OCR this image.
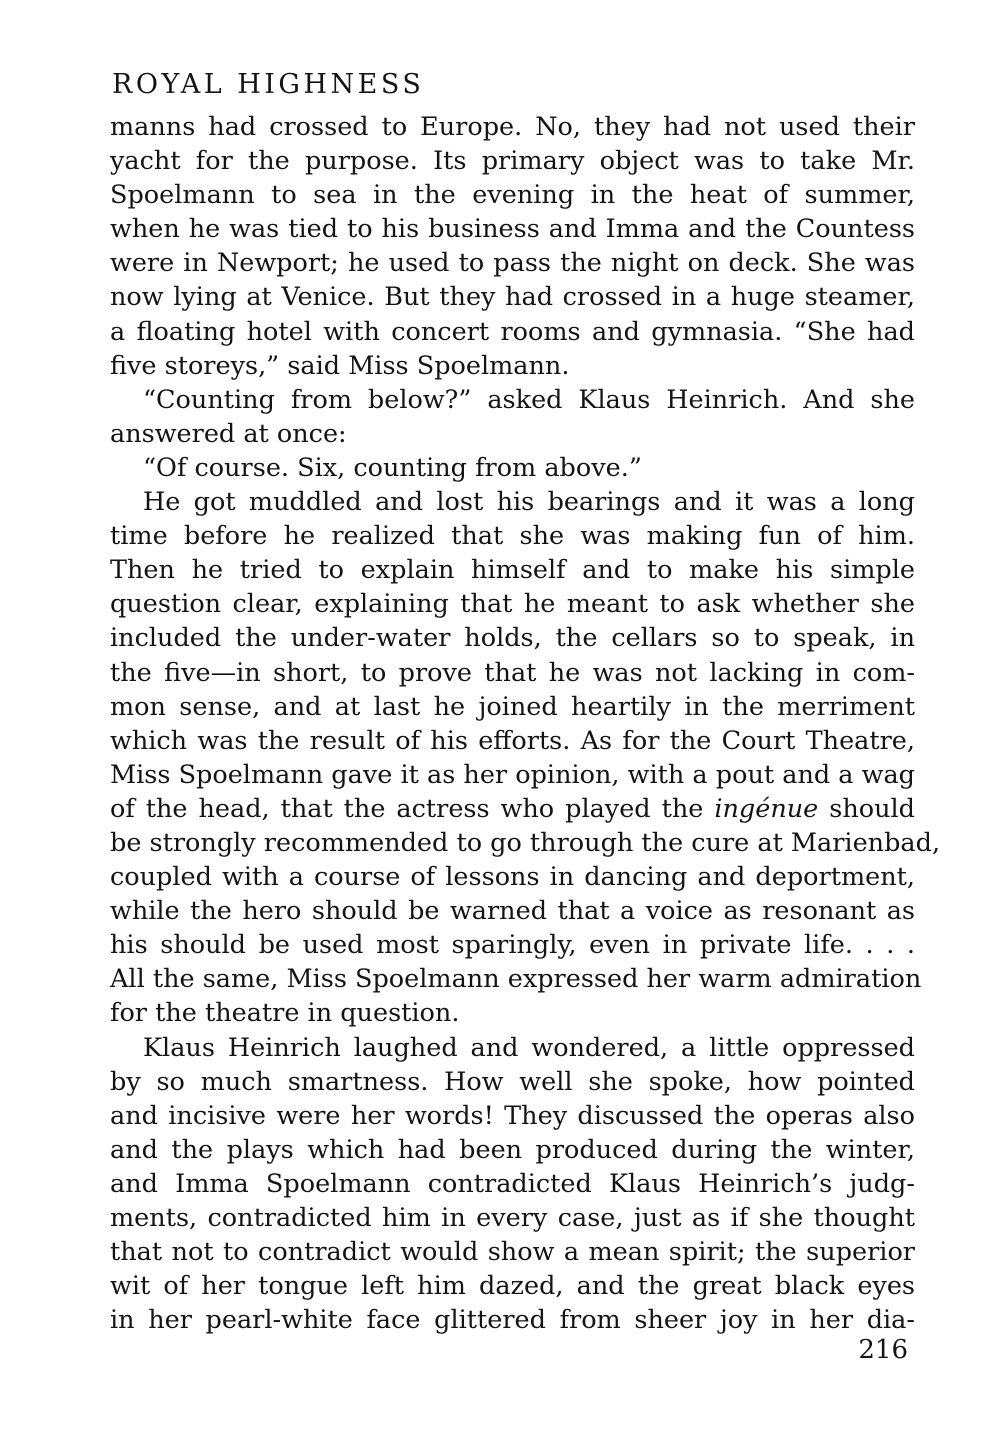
ROYAL HIGHNESS

manns had crossed to Europe. No, they had not used their
yacht for the purpose. Its primary object was to take Mr.
Spoelmann to sea in the evening in the heat of summer,
when he was tied to his business and Imma and the Countess
were in Newport; he used to pass the night on deck. She was
now lying at Venice. But they had crossed in a huge steamer,
a floating hotel with concert rooms and gymnasia. “She had
five storeys,” said Miss Spoelmann.

“Counting from below?” asked Klaus Heinrich. And she
answered at once:

“Of course. Six, counting from above.”

He got muddled and lost his bearings and it was a long
time before he realized that she was making fun of him.
Then he tried to explain himself and to make his simple
question clear, explaining that he meant to ask whether she
included the under-water holds, the cellars so to speak, in
the five—in short, to prove that he was not lacking in com-
mon sense, and at last he joined heartily in the merriment
which was the result of his efforts. As for the Court Theatre,
Miss Spoelmann gave it as her opinion, with a pout and a wag
of the head, that the actress who played the ingénue should
be strongly recommended to go through the cure at Marienbad,
coupled with a course of lessons in dancing and deportment,
while the hero should be warned that a voice as resonant as
his should be used most sparingly, even in private life. . . .
All the same, Miss Spoelmann expressed her warm admiration
for the theatre in question.

Klaus Heinrich laughed and wondered, a little oppressed
by so much smartness. How well she spoke, how pointed
and incisive were her words! They discussed the operas also
and the plays which had been produced during the winter,
and Imma Spoelmann contradicted Klaus Heinrich’s judg-
ments, contradicted him in every case, just as if she thought
that not to contradict would show a mean spirit; the superior
wit of her tongue left him dazed, and the great black eyes
in her pearl-white face glittered from sheer joy in her dia-

216
